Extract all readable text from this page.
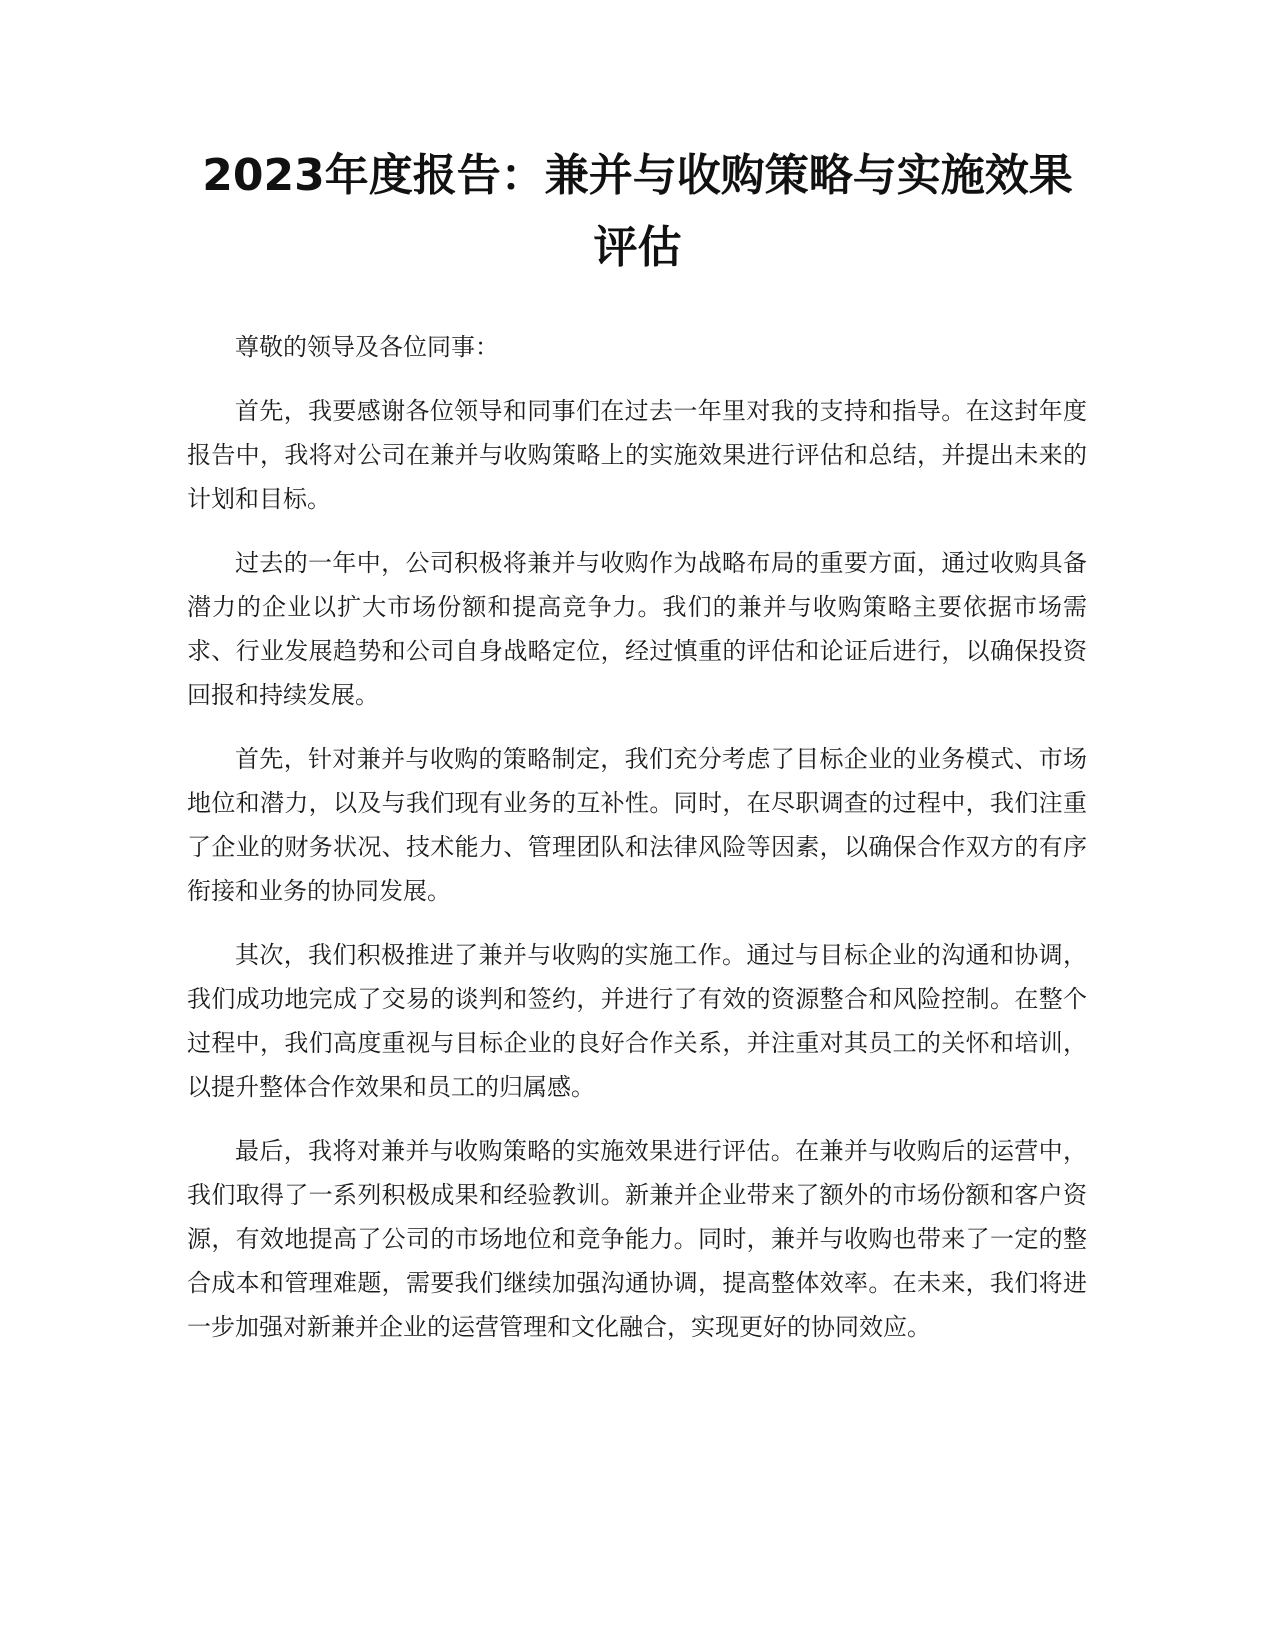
2023年度报告：兼并与收购策略与实施效果评估

尊敬的领导及各位同事：

首先，我要感谢各位领导和同事们在过去一年里对我的支持和指导。在这封年度报告中，我将对公司在兼并与收购策略上的实施效果进行评估和总结，并提出未来的计划和目标。

过去的一年中，公司积极将兼并与收购作为战略布局的重要方面，通过收购具备潜力的企业以扩大市场份额和提高竞争力。我们的兼并与收购策略主要依据市场需求、行业发展趋势和公司自身战略定位，经过慎重的评估和论证后进行，以确保投资回报和持续发展。

首先，针对兼并与收购的策略制定，我们充分考虑了目标企业的业务模式、市场地位和潜力，以及与我们现有业务的互补性。同时，在尽职调查的过程中，我们注重了企业的财务状况、技术能力、管理团队和法律风险等因素，以确保合作双方的有序衔接和业务的协同发展。

其次，我们积极推进了兼并与收购的实施工作。通过与目标企业的沟通和协调，我们成功地完成了交易的谈判和签约，并进行了有效的资源整合和风险控制。在整个过程中，我们高度重视与目标企业的良好合作关系，并注重对其员工的关怀和培训，以提升整体合作效果和员工的归属感。

最后，我将对兼并与收购策略的实施效果进行评估。在兼并与收购后的运营中，我们取得了一系列积极成果和经验教训。新兼并企业带来了额外的市场份额和客户资源，有效地提高了公司的市场地位和竞争能力。同时，兼并与收购也带来了一定的整合成本和管理难题，需要我们继续加强沟通协调，提高整体效率。在未来，我们将进一步加强对新兼并企业的运营管理和文化融合，实现更好的协同效应。
